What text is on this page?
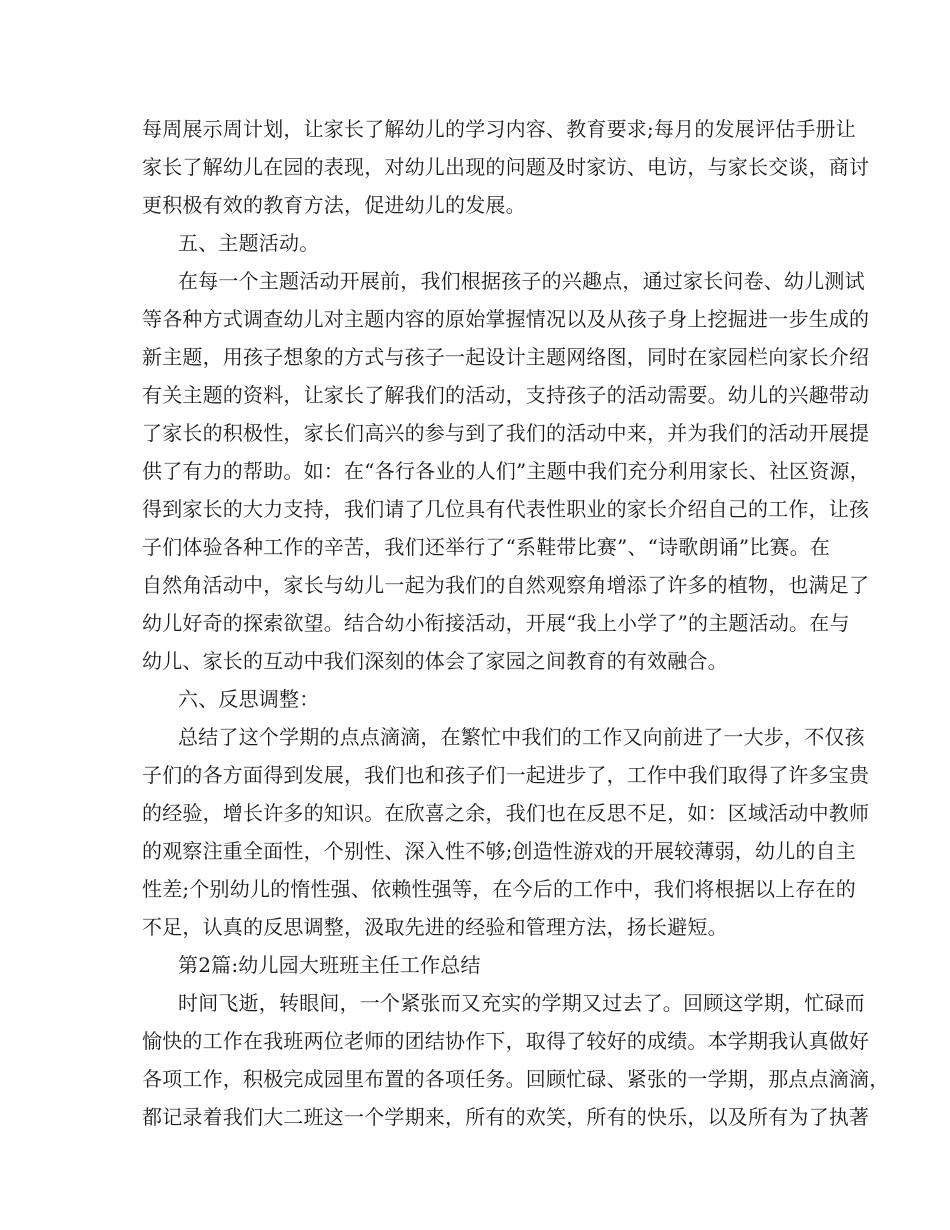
每周展示周计划，让家长了解幼儿的学习内容、教育要求;每月的发展评估手册让
家长了解幼儿在园的表现，对幼儿出现的问题及时家访、电访，与家长交谈，商讨
更积极有效的教育方法，促进幼儿的发展。
五、主题活动。
在每一个主题活动开展前，我们根据孩子的兴趣点，通过家长问卷、幼儿测试
等各种方式调查幼儿对主题内容的原始掌握情况以及从孩子身上挖掘进一步生成的
新主题，用孩子想象的方式与孩子一起设计主题网络图，同时在家园栏向家长介绍
有关主题的资料，让家长了解我们的活动，支持孩子的活动需要。幼儿的兴趣带动
了家长的积极性，家长们高兴的参与到了我们的活动中来，并为我们的活动开展提
供了有力的帮助。如：在“各行各业的人们”主题中我们充分利用家长、社区资源，
得到家长的大力支持，我们请了几位具有代表性职业的家长介绍自己的工作，让孩
子们体验各种工作的辛苦，我们还举行了“系鞋带比赛”、“诗歌朗诵”比赛。在
自然角活动中，家长与幼儿一起为我们的自然观察角增添了许多的植物，也满足了
幼儿好奇的探索欲望。结合幼小衔接活动，开展“我上小学了”的主题活动。在与
幼儿、家长的互动中我们深刻的体会了家园之间教育的有效融合。
六、反思调整：
总结了这个学期的点点滴滴，在繁忙中我们的工作又向前进了一大步，不仅孩
子们的各方面得到发展，我们也和孩子们一起进步了，工作中我们取得了许多宝贵
的经验，增长许多的知识。在欣喜之余，我们也在反思不足，如：区域活动中教师
的观察注重全面性，个别性、深入性不够;创造性游戏的开展较薄弱，幼儿的自主
性差;个别幼儿的惰性强、依赖性强等，在今后的工作中，我们将根据以上存在的
不足，认真的反思调整，汲取先进的经验和管理方法，扬长避短。
第2篇:幼儿园大班班主任工作总结
时间飞逝，转眼间，一个紧张而又充实的学期又过去了。回顾这学期，忙碌而
愉快的工作在我班两位老师的团结协作下，取得了较好的成绩。本学期我认真做好
各项工作，积极完成园里布置的各项任务。回顾忙碌、紧张的一学期，那点点滴滴，
都记录着我们大二班这一个学期来，所有的欢笑，所有的快乐，以及所有为了执著
